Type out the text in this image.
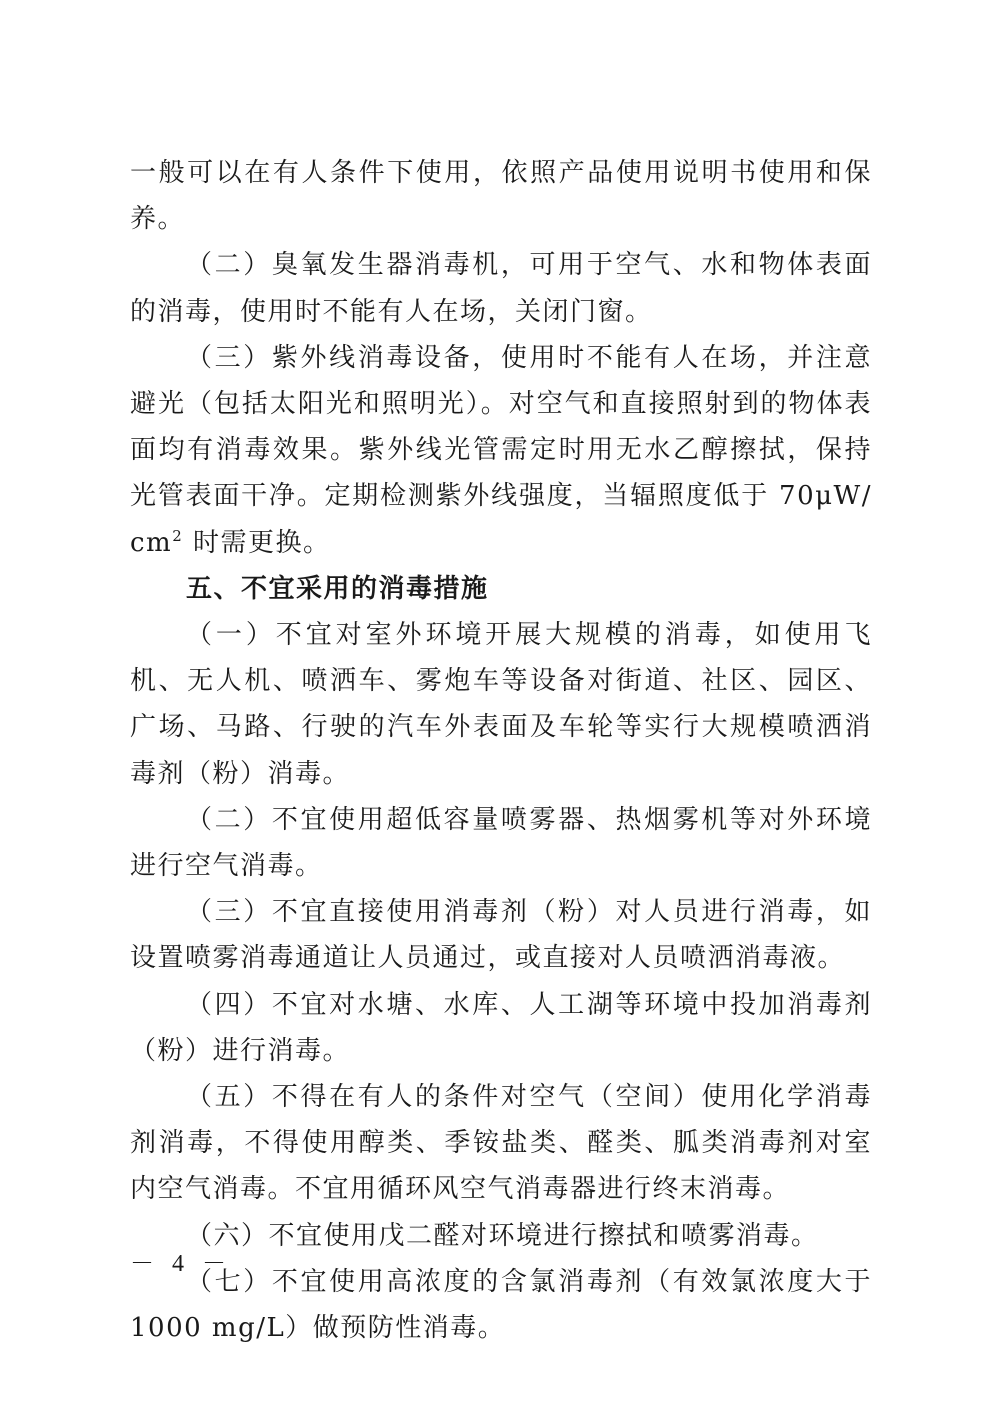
一般可以在有人条件下使用，依照产品使用说明书使用和保养。

（二）臭氧发生器消毒机，可用于空气、水和物体表面的消毒，使用时不能有人在场，关闭门窗。

（三）紫外线消毒设备，使用时不能有人在场，并注意避光（包括太阳光和照明光）。对空气和直接照射到的物体表面均有消毒效果。紫外线光管需定时用无水乙醇擦拭，保持光管表面干净。定期检测紫外线强度，当辐照度低于 $70\mu W/cm^2$ 时需更换。

五、不宜采用的消毒措施

（一）不宜对室外环境开展大规模的消毒，如使用飞机、无人机、喷洒车、雾炮车等设备对街道、社区、园区、广场、马路、行驶的汽车外表面及车轮等实行大规模喷洒消毒剂（粉）消毒。

（二）不宜使用超低容量喷雾器、热烟雾机等对外环境进行空气消毒。

（三）不宜直接使用消毒剂（粉）对人员进行消毒，如设置喷雾消毒通道让人员通过，或直接对人员喷洒消毒液。

（四）不宜对水塘、水库、人工湖等环境中投加消毒剂（粉）进行消毒。

（五）不得在有人的条件对空气（空间）使用化学消毒剂消毒，不得使用醇类、季铵盐类、醛类、胍类消毒剂对室内空气消毒。不宜用循环风空气消毒器进行终末消毒。

（六）不宜使用戊二醛对环境进行擦拭和喷雾消毒。

（七）不宜使用高浓度的含氯消毒剂（有效氯浓度大于 1000 mg/L）做预防性消毒。

－ 4 －
